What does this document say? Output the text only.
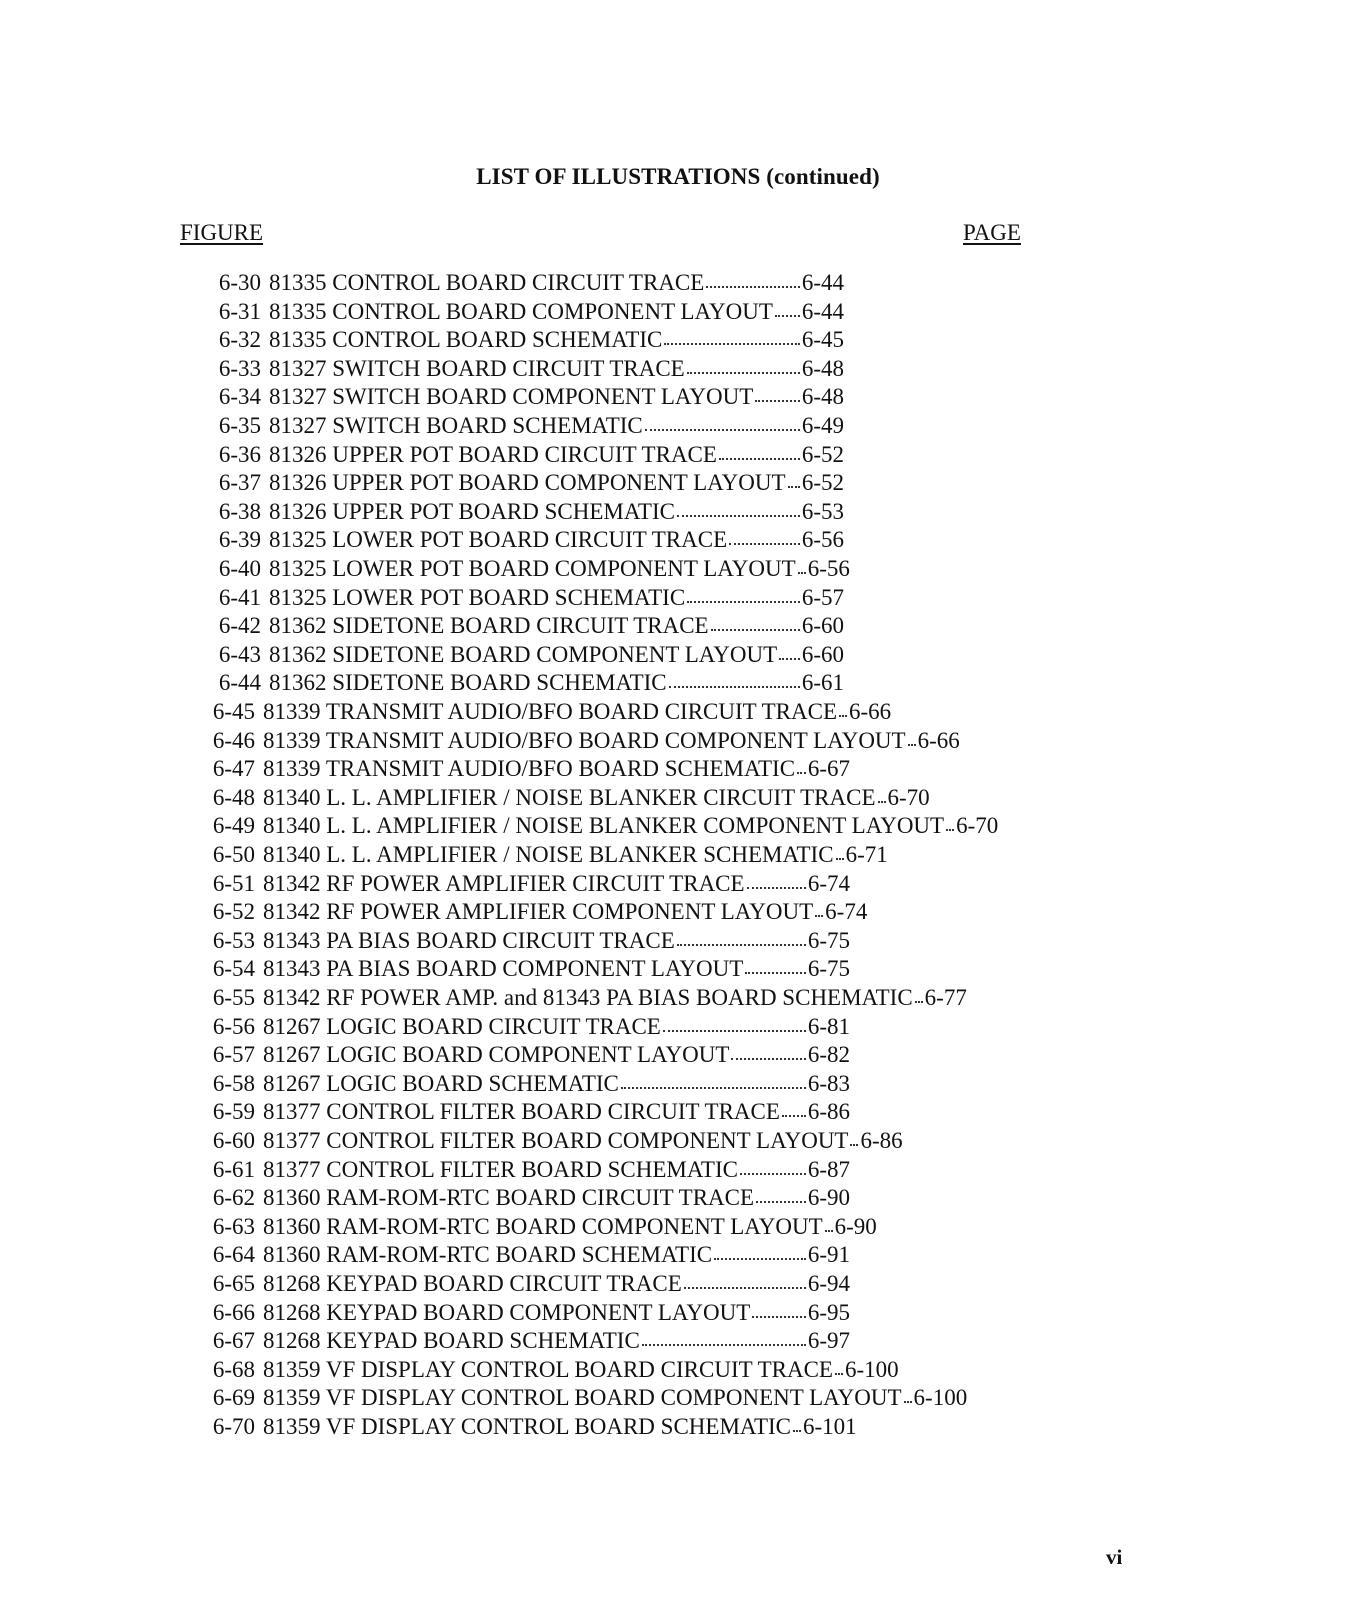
LIST OF ILLUSTRATIONS (continued)
FIGURE	PAGE
6-30 81335 CONTROL BOARD CIRCUIT TRACE	6-44
6-31 81335 CONTROL BOARD COMPONENT LAYOUT 6-44
6-32 81335 CONTROL BOARD SCHEMATIC	6-45
6-33 81327 SWITCH BOARD CIRCUIT TRACE	6-48
6-34 81327 SWITCH BOARD COMPONENT LAYOUT 6-48
6-35 81327 SWITCH BOARD SCHEMATIC	6-49
6-36 81326 UPPER POT BOARD CIRCUIT TRACE	6-52
6-37 81326 UPPER POT BOARD COMPONENT LAYOUT 6-52
6-38 81326 UPPER POT BOARD SCHEMATIC	6-53
6-39 81325 LOWER POT BOARD CIRCUIT TRACE	6-56
6-40 81325 LOWER POT BOARD COMPONENT LAYOUT 6-56
6-41 81325 LOWER POT BOARD SCHEMATIC	6-57
6-42 81362 SIDETONE BOARD CIRCUIT TRACE	6-60
6-43 81362 SIDETONE BOARD COMPONENT LAYOUT 6-60
6-44 81362 SIDETONE BOARD SCHEMATIC	6-61
6-45 81339 TRANSMIT AUDIO/BFO BOARD CIRCUIT TRACE 6-66
6-46 81339 TRANSMIT AUDIO/BFO BOARD COMPONENT LAYOUT 6-66
6-47 81339 TRANSMIT AUDIO/BFO BOARD SCHEMATIC 6-67
6-48 81340 L. L. AMPLIFIER / NOISE BLANKER CIRCUIT TRACE 6-70
6-49 81340 L. L. AMPLIFIER / NOISE BLANKER COMPONENT LAYOUT 6-70
6-50 81340 L. L. AMPLIFIER / NOISE BLANKER SCHEMATIC 6-71
6-51 81342 RF POWER AMPLIFIER CIRCUIT TRACE	6-74
6-52 81342 RF POWER AMPLIFIER COMPONENT LAYOUT 6-74
6-53 81343 PA BIAS BOARD CIRCUIT TRACE	6-75
6-54 81343 PA BIAS BOARD COMPONENT LAYOUT	6-75
6-55 81342 RF POWER AMP. and 81343 PA BIAS BOARD SCHEMATIC 6-77
6-56 81267 LOGIC BOARD CIRCUIT TRACE	6-81
6-57 81267 LOGIC BOARD COMPONENT LAYOUT	6-82
6-58 81267 LOGIC BOARD SCHEMATIC	6-83
6-59 81377 CONTROL FILTER BOARD CIRCUIT TRACE 6-86
6-60 81377 CONTROL FILTER BOARD COMPONENT LAYOUT 6-86
6-61 81377 CONTROL FILTER BOARD SCHEMATIC	6-87
6-62 81360 RAM-ROM-RTC BOARD CIRCUIT TRACE 6-90
6-63 81360 RAM-ROM-RTC BOARD COMPONENT LAYOUT 6-90
6-64 81360 RAM-ROM-RTC BOARD SCHEMATIC	6-91
6-65 81268 KEYPAD BOARD CIRCUIT TRACE	6-94
6-66 81268 KEYPAD BOARD COMPONENT LAYOUT	6-95
6-67 81268 KEYPAD BOARD SCHEMATIC	6-97
6-68 81359 VF DISPLAY CONTROL BOARD CIRCUIT TRACE 6-100
6-69 81359 VF DISPLAY CONTROL BOARD COMPONENT LAYOUT 6-100
6-70 81359 VF DISPLAY CONTROL BOARD SCHEMATIC 6-101
vi
